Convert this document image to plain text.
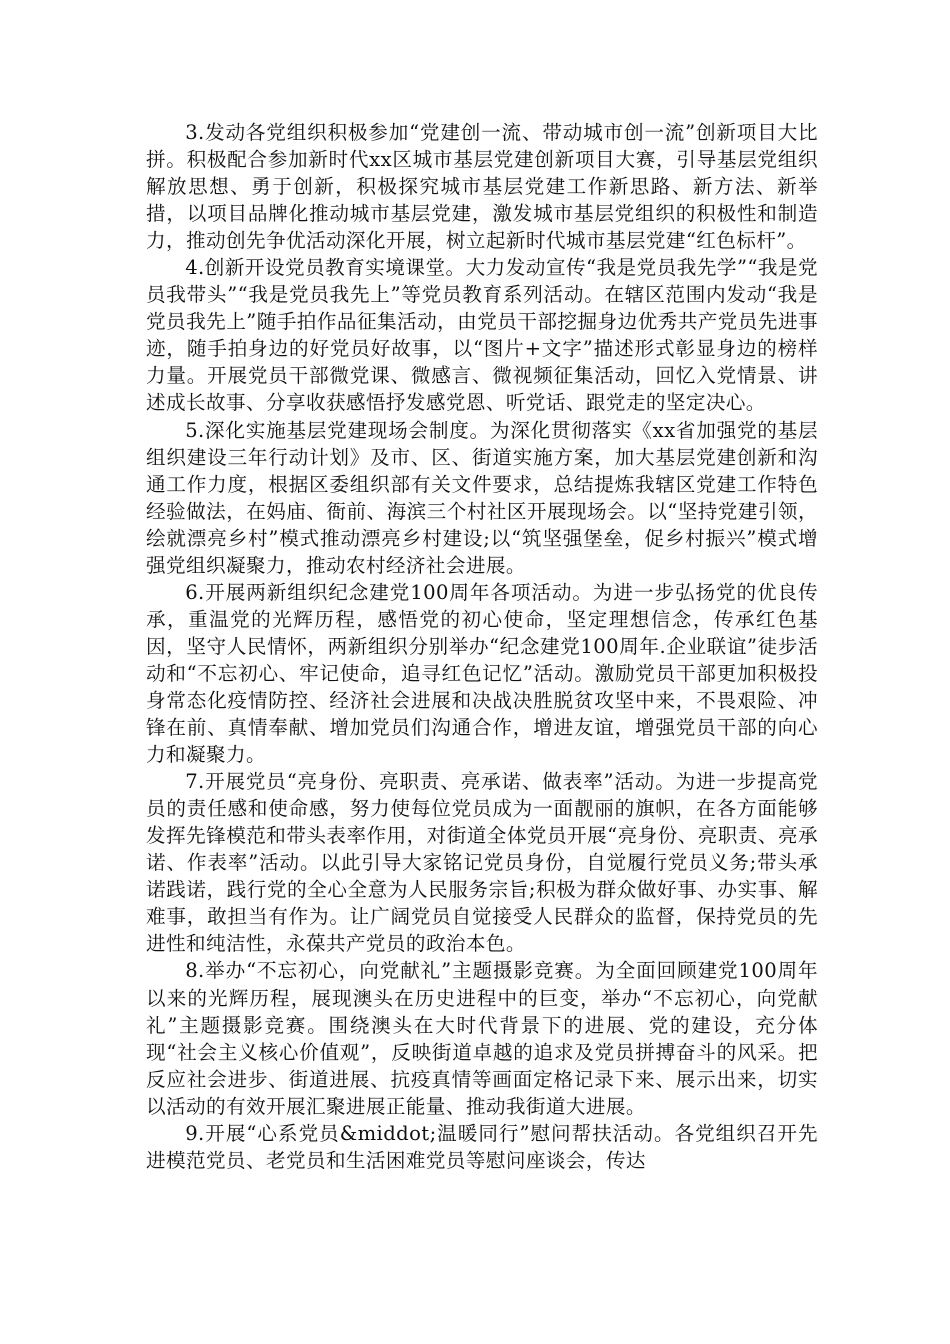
3.发动各党组织积极参加“党建创一流、带动城市创一流”创新项目大比拼。积极配合参加新时代xx区城市基层党建创新项目大赛，引导基层党组织解放思想、勇于创新，积极探究城市基层党建工作新思路、新方法、新举措，以项目品牌化推动城市基层党建，激发城市基层党组织的积极性和制造力，推动创先争优活动深化开展，树立起新时代城市基层党建“红色标杆”。

4.创新开设党员教育实境课堂。大力发动宣传“我是党员我先学”“我是党员我带头”“我是党员我先上”等党员教育系列活动。在辖区范围内发动“我是党员我先上”随手拍作品征集活动，由党员干部挖掘身边优秀共产党员先进事迹，随手拍身边的好党员好故事，以“图片+文字”描述形式彰显身边的榜样力量。开展党员干部微党课、微感言、微视频征集活动，回忆入党情景、讲述成长故事、分享收获感悟抒发感党恩、听党话、跟党走的坚定决心。

5.深化实施基层党建现场会制度。为深化贯彻落实《xx省加强党的基层组织建设三年行动计划》及市、区、街道实施方案，加大基层党建创新和沟通工作力度，根据区委组织部有关文件要求，总结提炼我辖区党建工作特色经验做法，在妈庙、衙前、海滨三个村社区开展现场会。以“坚持党建引领，绘就漂亮乡村”模式推动漂亮乡村建设;以“筑坚强堡垒，促乡村振兴”模式增强党组织凝聚力，推动农村经济社会进展。

6.开展两新组织纪念建党100周年各项活动。为进一步弘扬党的优良传承，重温党的光辉历程，感悟党的初心使命，坚定理想信念，传承红色基因，坚守人民情怀，两新组织分别举办“纪念建党100周年.企业联谊”徒步活动和“不忘初心、牢记使命，追寻红色记忆”活动。激励党员干部更加积极投身常态化疫情防控、经济社会进展和决战决胜脱贫攻坚中来，不畏艰险、冲锋在前、真情奉献、增加党员们沟通合作，增进友谊，增强党员干部的向心力和凝聚力。

7.开展党员“亮身份、亮职责、亮承诺、做表率”活动。为进一步提高党员的责任感和使命感，努力使每位党员成为一面靓丽的旗帜，在各方面能够发挥先锋模范和带头表率作用，对街道全体党员开展“亮身份、亮职责、亮承诺、作表率”活动。以此引导大家铭记党员身份，自觉履行党员义务;带头承诺践诺，践行党的全心全意为人民服务宗旨;积极为群众做好事、办实事、解难事，敢担当有作为。让广阔党员自觉接受人民群众的监督，保持党员的先进性和纯洁性，永葆共产党员的政治本色。

8.举办“不忘初心，向党献礼”主题摄影竞赛。为全面回顾建党100周年以来的光辉历程，展现澳头在历史进程中的巨变，举办“不忘初心，向党献礼”主题摄影竞赛。围绕澳头在大时代背景下的进展、党的建设，充分体现“社会主义核心价值观”，反映街道卓越的追求及党员拼搏奋斗的风采。把反应社会进步、街道进展、抗疫真情等画面定格记录下来、展示出来，切实以活动的有效开展汇聚进展正能量、推动我街道大进展。

9.开展“心系党员&middot;温暖同行”慰问帮扶活动。各党组织召开先进模范党员、老党员和生活困难党员等慰问座谈会，传达
